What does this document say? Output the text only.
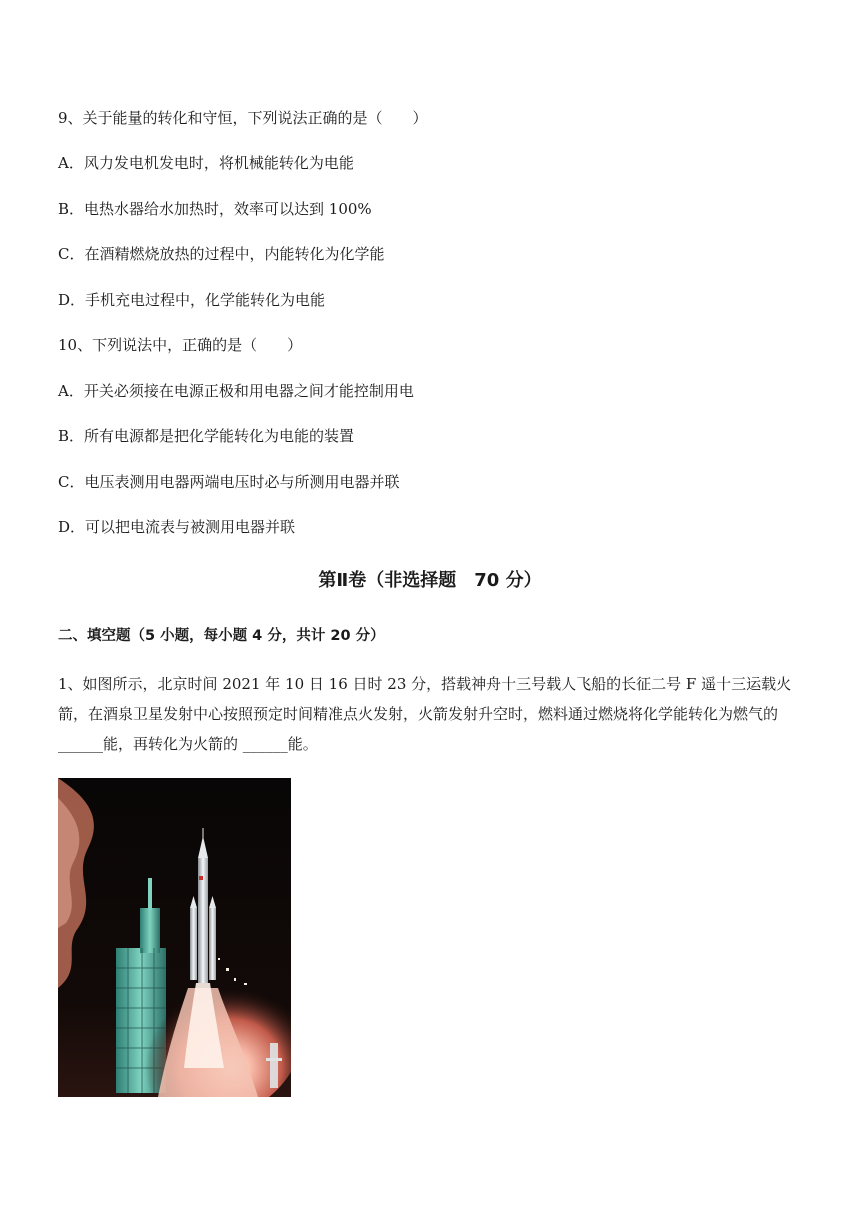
9、关于能量的转化和守恒，下列说法正确的是（　　）
A．风力发电机发电时，将机械能转化为电能
B．电热水器给水加热时，效率可以达到 100%
C．在酒精燃烧放热的过程中，内能转化为化学能
D．手机充电过程中，化学能转化为电能
10、下列说法中，正确的是（　　）
A．开关必须接在电源正极和用电器之间才能控制用电
B．所有电源都是把化学能转化为电能的装置
C．电压表测用电器两端电压时必与所测用电器并联
D．可以把电流表与被测用电器并联
第Ⅱ卷（非选择题　70 分）
二、填空题（5 小题，每小题 4 分，共计 20 分）
1、如图所示，北京时间 2021 年 10 日 16 日时 23 分，搭载神舟十三号载人飞船的长征二号 F 遥十三运载火箭，在酒泉卫星发射中心按照预定时间精准点火发射，火箭发射升空时，燃料通过燃烧将化学能转化为燃气的 ______能，再转化为火箭的 ______能。
